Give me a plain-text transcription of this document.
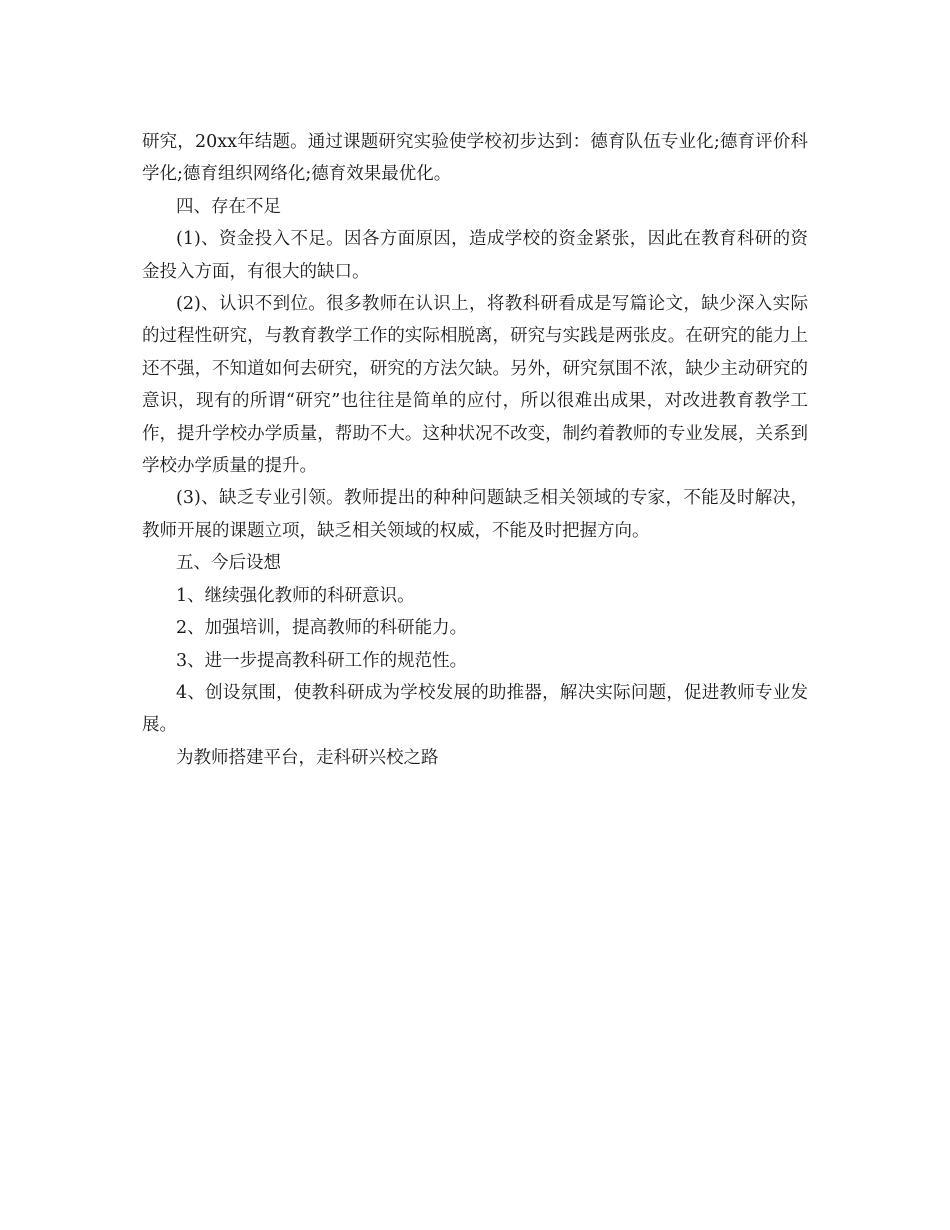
研究，20xx年结题。通过课题研究实验使学校初步达到：德育队伍专业化;德育评价科学化;德育组织网络化;德育效果最优化。

四、存在不足

(1)、资金投入不足。因各方面原因，造成学校的资金紧张，因此在教育科研的资金投入方面，有很大的缺口。

(2)、认识不到位。很多教师在认识上，将教科研看成是写篇论文，缺少深入实际的过程性研究，与教育教学工作的实际相脱离，研究与实践是两张皮。在研究的能力上还不强，不知道如何去研究，研究的方法欠缺。另外，研究氛围不浓，缺少主动研究的意识，现有的所谓“研究”也往往是简单的应付，所以很难出成果，对改进教育教学工作，提升学校办学质量，帮助不大。这种状况不改变，制约着教师的专业发展，关系到学校办学质量的提升。

(3)、缺乏专业引领。教师提出的种种问题缺乏相关领域的专家，不能及时解决，教师开展的课题立项，缺乏相关领域的权威，不能及时把握方向。

五、今后设想

1、继续强化教师的科研意识。

2、加强培训，提高教师的科研能力。

3、进一步提高教科研工作的规范性。

4、创设氛围，使教科研成为学校发展的助推器，解决实际问题，促进教师专业发展。

为教师搭建平台，走科研兴校之路
